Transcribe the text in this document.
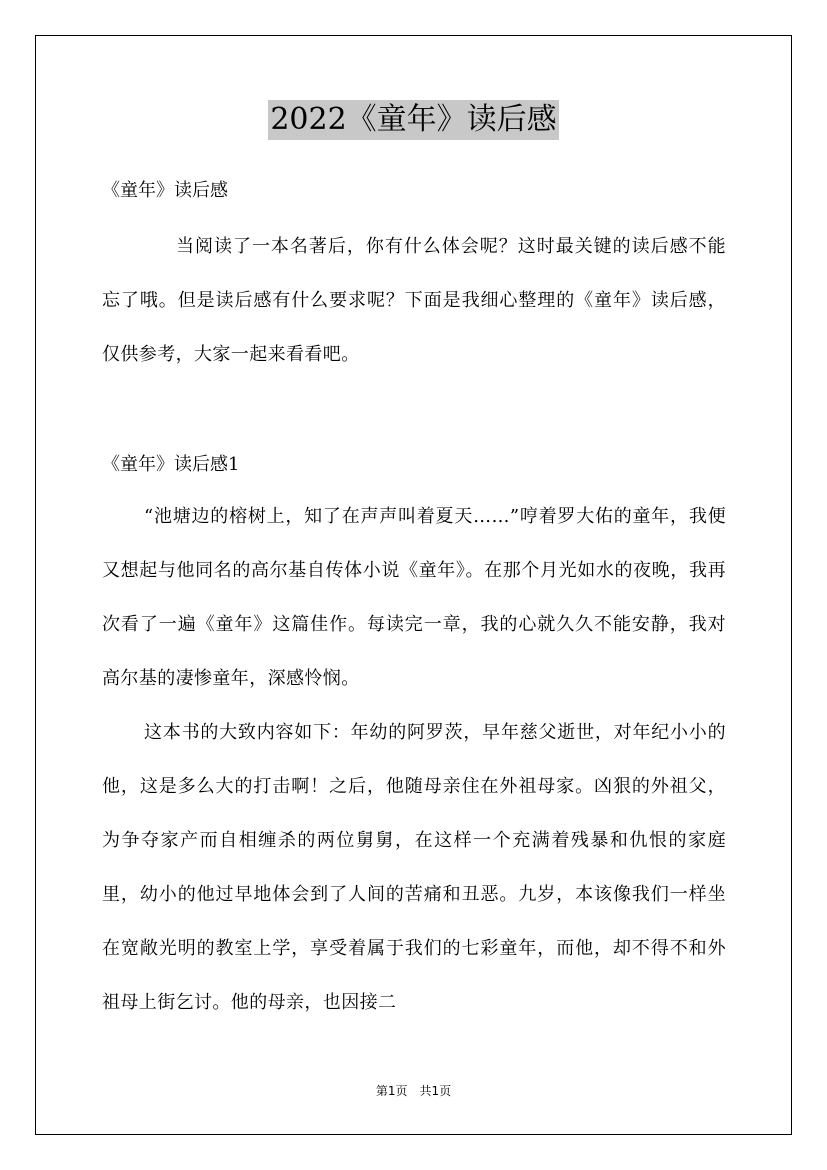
2022《童年》读后感

《童年》读后感

当阅读了一本名著后，你有什么体会呢？这时最关键的读后感不能忘了哦。但是读后感有什么要求呢？下面是我细心整理的《童年》读后感，仅供参考，大家一起来看看吧。

《童年》读后感1

“池塘边的榕树上，知了在声声叫着夏天……”哼着罗大佑的童年，我便又想起与他同名的高尔基自传体小说《童年》。在那个月光如水的夜晚，我再次看了一遍《童年》这篇佳作。每读完一章，我的心就久久不能安静，我对高尔基的凄惨童年，深感怜悯。

这本书的大致内容如下：年幼的阿罗茨，早年慈父逝世，对年纪小小的他，这是多么大的打击啊！之后，他随母亲住在外祖母家。凶狠的外祖父，为争夺家产而自相缠杀的两位舅舅，在这样一个充满着残暴和仇恨的家庭里，幼小的他过早地体会到了人间的苦痛和丑恶。九岁，本该像我们一样坐在宽敞光明的教室上学，享受着属于我们的七彩童年，而他，却不得不和外祖母上街乞讨。他的母亲，也因接二

第1页　共1页
